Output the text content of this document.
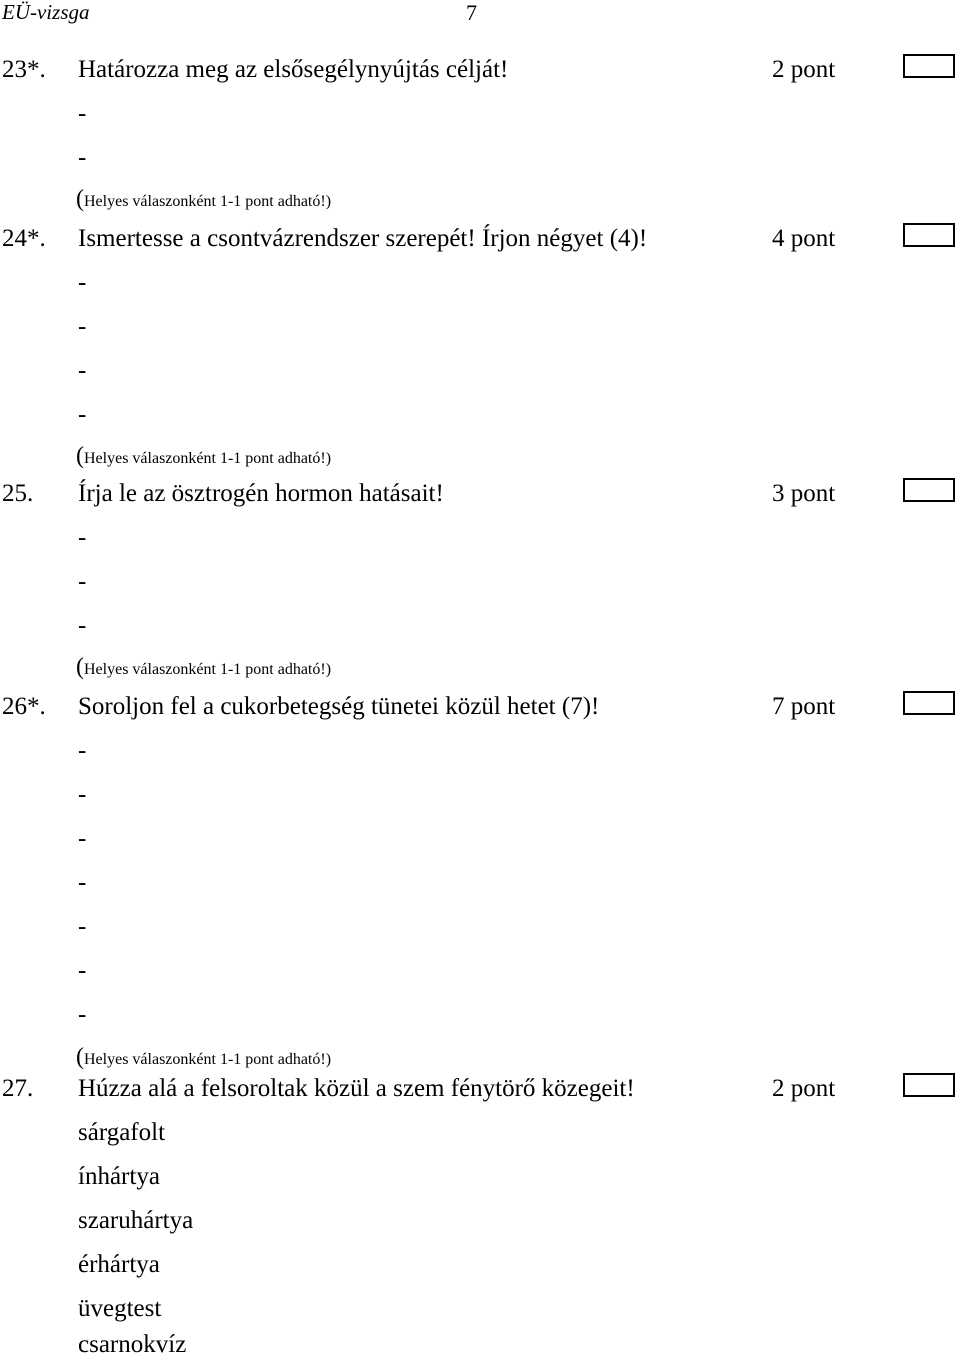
EÜ-vizsga	7
23*. Határozza meg az elsősegélynyújtás célját!	2 pont
-
-
(Helyes válaszonként 1-1 pont adható!)
24*. Ismertesse a csontvázrendszer szerepét! Írjon négyet (4)!	4 pont
-
-
-
-
(Helyes válaszonként 1-1 pont adható!)
25. Írja le az ösztrogén hormon hatásait!	3 pont
-
-
-
(Helyes válaszonként 1-1 pont adható!)
26*. Soroljon fel a cukorbetegség tünetei közül hetet (7)!	7 pont
-
-
-
-
-
-
-
(Helyes válaszonként 1-1 pont adható!)
27. Húzza alá a felsoroltak közül a szem fénytörő közegeit!	2 pont
sárgafolt
ínhártya
szaruhártya
érhártya
üvegtest
csarnokvíz
